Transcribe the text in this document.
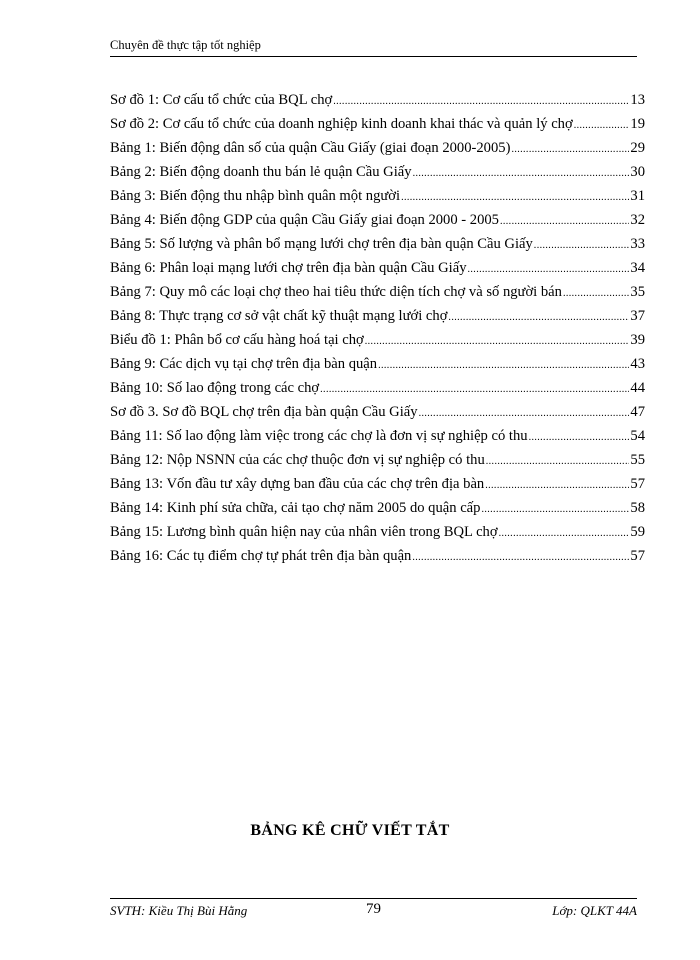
Chuyên đề thực tập tốt nghiệp
Sơ đồ 1: Cơ cấu tổ chức của BQL chợ .....	13
Sơ đồ 2: Cơ cấu tổ chức của doanh nghiệp kinh doanh khai thác và quản lý chợ .....	19
Bảng 1: Biến động dân số của quận Cầu Giấy (giai đoạn 2000-2005) .....	29
Bảng 2: Biến động doanh thu bán lẻ quận Cầu Giấy .....	30
Bảng 3: Biến động thu nhập bình quân một người .....	31
Bảng 4: Biến động GDP của quận Cầu Giấy giai đoạn 2000 - 2005 .....	32
Bảng 5: Số lượng và phân bổ mạng lưới chợ trên địa bàn quận Cầu Giấy .....	33
Bảng 6: Phân loại mạng lưới chợ trên địa bàn quận Cầu Giấy .....	34
Bảng 7: Quy mô các loại chợ theo hai tiêu thức diện tích chợ và số người bán .....	35
Bảng 8: Thực trạng cơ sở vật chất kỹ thuật mạng lưới chợ .....	37
Biểu đồ 1: Phân bổ cơ cấu hàng hoá tại chợ .....	39
Bảng 9: Các dịch vụ tại chợ trên địa bàn quận .....	43
Bảng 10: Số lao động trong các chợ .....	44
Sơ đồ 3. Sơ đồ BQL chợ trên địa bàn quận Cầu Giấy .....	47
Bảng 11: Số lao động làm việc trong các chợ là đơn vị sự nghiệp có thu .....	54
Bảng 12: Nộp NSNN của các chợ thuộc đơn vị sự nghiệp có thu .....	55
Bảng 13: Vốn đầu tư xây dựng ban đầu của các chợ trên địa bàn .....	57
Bảng 14: Kinh phí sửa chữa, cải tạo chợ năm 2005 do quận cấp .....	58
Bảng 15: Lương bình quân hiện nay của nhân viên trong BQL chợ .....	59
Bảng 16: Các tụ điểm chợ tự phát trên địa bàn quận .....	57
BẢNG KÊ CHỮ VIẾT TẮT
SVTH: Kiều Thị Bùi Hằng	79	Lớp: QLKT 44A
